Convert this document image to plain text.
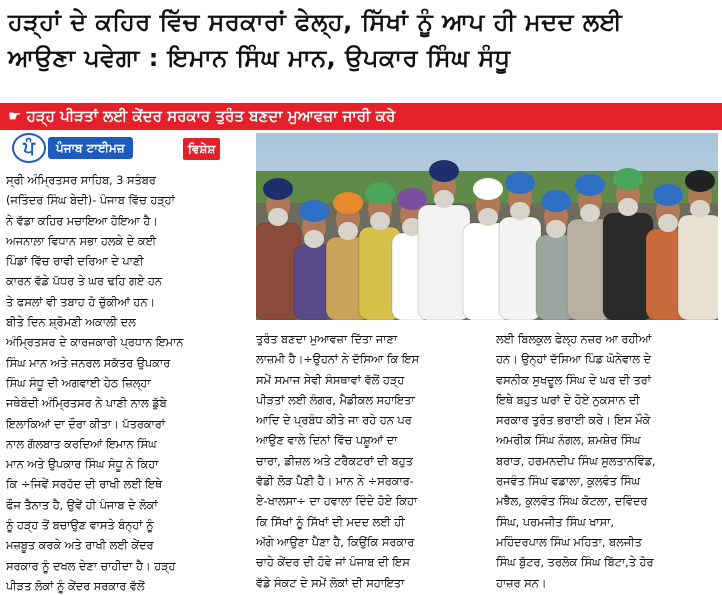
ਹੜ੍ਹਾਂ ਦੇ ਕਹਿਰ ਵਿੱਚ ਸਰਕਾਰਾਂ ਫੇਲ੍ਹ, ਸਿੱਖਾਂ ਨੂੰ ਆਪ ਹੀ ਮਦਦ ਲਈ
ਆਉਣਾ ਪਵੇਗਾ : ਇਮਾਨ ਸਿੰਘ ਮਾਨ, ਉਪਕਾਰ ਸਿੰਘ ਸੰਧੂ
☛ ਹੜ੍ਹ ਪੀੜਤਾਂ ਲਈ ਕੇਂਦਰ ਸਰਕਾਰ ਤੁਰੰਤ ਬਣਦਾ ਮੁਆਵਜ਼ਾ ਜਾਰੀ ਕਰੇ
ਪੰ	ਪੰਜਾਬ ਟਾਈਮਜ਼	ਵਿਸ਼ੇਸ਼
ਸ੍ਰੀ ਅੰਮ੍ਰਿਤਸਰ ਸਾਹਿਬ, 3 ਸਤੰਬਰ
(ਜਤਿੰਦਰ ਸਿੰਘ ਬੇਦੀ)- ਪੰਜਾਬ ਵਿੱਚ ਹੜ੍ਹਾਂ
ਨੇ ਵੱਡਾ ਕਹਿਰ ਮਚਾਇਆ ਹੋਇਆ ਹੈ।
ਅਜਨਾਲਾ ਵਿਧਾਨ ਸਭਾ ਹਲਕੇ ਦੇ ਕਈ
ਪਿੰਡਾਂ ਵਿੱਚ ਰਾਵੀ ਦਰਿਆ ਦੇ ਪਾਣੀ
ਕਾਰਨ ਵੱਡੇ ਪੱਧਰ ਤੇ ਘਰ ਢਹਿ ਗਏ ਹਨ
ਤੇ ਫਸਲਾਂ ਵੀ ਤਬਾਹ ਹੋ ਚੁੱਕੀਆਂ ਹਨ।
ਬੀਤੇ ਦਿਨ ਸ਼੍ਰੋਮਣੀ ਅਕਾਲੀ ਦਲ
ਅੰਮ੍ਰਿਤਸਰ ਦੇ ਕਾਰਜਕਾਰੀ ਪ੍ਰਧਾਨ ਇਮਾਨ
ਸਿੰਘ ਮਾਨ ਅਤੇ ਜਨਰਲ ਸਕੱਤਰ ਉਪਕਾਰ
ਸਿੰਘ ਸੰਧੂ ਦੀ ਅਗਵਾਈ ਹੇਠ ਜ਼ਿਲ੍ਹਾ
ਜਥੇਬੰਦੀ ਅੰਮ੍ਰਿਤਸਰ ਨੇ ਪਾਣੀ ਨਾਲ ਡੁੱਬੇ
ਇਲਾਕਿਆਂ ਦਾ ਦੌਰਾ ਕੀਤਾ। ਪੱਤਰਕਾਰਾਂ
ਨਾਲ ਗੱਲਬਾਤ ਕਰਦਿਆਂ ਇਮਾਨ ਸਿੰਘ
ਮਾਨ ਅਤੇ ਉਪਕਾਰ ਸਿੰਘ ਸੰਧੂ ਨੇ ਕਿਹਾ
ਕਿ ÷ਜਿਵੇਂ ਸਰਹੱਦ ਦੀ ਰਾਖੀ ਲਈ ਇਥੇ
ਫੌਜ ਤੈਨਾਤ ਹੈ, ਉਵੇਂ ਹੀ ਪੰਜਾਬ ਦੇ ਲੋਕਾਂ
ਨੂੰ ਹੜ੍ਹ ਤੋਂ ਬਚਾਉਣ ਵਾਸਤੇ ਬੰਨ੍ਹਾਂ ਨੂੰ
ਮਜ਼ਬੂਤ ਕਰਕੇ ਅਤੇ ਰਾਖੀ ਲਈ ਕੇਂਦਰ
ਸਰਕਾਰ ਨੂੰ ਦਖਲ ਦੇਣਾ ਚਾਹੀਦਾ ਹੈ। ਹੜ੍ਹ
ਪੀੜਤ ਲੋਕਾਂ ਨੂੰ ਕੇਂਦਰ ਸਰਕਾਰ ਵੱਲੋਂ
ਤੁਰੰਤ ਬਣਦਾ ਮੁਆਵਜ਼ਾ ਦਿੱਤਾ ਜਾਣਾ
ਲਾਜ਼ਮੀ ਹੈ।÷ਉਹਨਾਂ ਨੇ ਦੱਸਿਆ ਕਿ ਇਸ
ਸਮੇਂ ਸਮਾਜ ਸੇਵੀ ਸੰਸਥਾਵਾਂ ਵੱਲੋਂ ਹੜ੍ਹ
ਪੀੜਤਾਂ ਲਈ ਲੰਗਰ, ਮੈਡੀਕਲ ਸਹਾਇਤਾ
ਆਦਿ ਦੇ ਪ੍ਰਬੰਧ ਕੀਤੇ ਜਾ ਰਹੇ ਹਨ ਪਰ
ਆਉਣ ਵਾਲੇ ਦਿਨਾਂ ਵਿੱਚ ਪਸ਼ੂਆਂ ਦਾ
ਚਾਰਾ, ਡੀਜ਼ਲ ਅਤੇ ਟਰੈਕਟਰਾਂ ਦੀ ਬਹੁਤ
ਵੱਡੀ ਲੋੜ ਪੈਣੀ ਹੈ। ਮਾਨ ਨੇ ÷ਸਰਕਾਰ-
ਏ-ਖਾਲਸਾ÷ ਦਾ ਹਵਾਲਾ ਦਿੰਦੇ ਹੋਏ ਕਿਹਾ
ਕਿ ਸਿੱਖਾਂ ਨੂੰ ਸਿੱਖਾਂ ਦੀ ਮਦਦ ਲਈ ਹੀ
ਅੱਗੇ ਆਉਣਾ ਪੈਣਾ ਹੈ, ਕਿਉਂਕਿ ਸਰਕਾਰ
ਚਾਹੇ ਕੇਂਦਰ ਦੀ ਹੋਵੇ ਜਾਂ ਪੰਜਾਬ ਦੀ ਇਸ
ਵੱਡੇ ਸੰਕਟ ਦੇ ਸਮੇਂ ਲੋਕਾਂ ਦੀ ਸਹਾਇਤਾ
ਲਈ ਬਿਲਕੁਲ ਫੇਲ੍ਹ ਨਜ਼ਰ ਆ ਰਹੀਆਂ
ਹਨ। ਉਨ੍ਹਾਂ ਦੱਸਿਆ ਪਿੰਡ ਘੋਨੇਵਾਲ ਦੇ
ਵਸਨੀਕ ਸੁਖਦੂਲ ਸਿੰਘ ਦੇ ਘਰ ਦੀ ਤਰਾਂ
ਇਥੇ ਬਹੁਤ ਘਰਾਂ ਦੇ ਹੋਏ ਨੁਕਸਾਨ ਦੀ
ਸਰਕਾਰ ਤੁਰੰਤ ਭਰਾਈ ਕਰੇ। ਇਸ ਮੌਕੇ
ਅਮਰੀਕ ਸਿੰਘ ਨੰਗਲ, ਸ਼ਮਸ਼ੇਰ ਸਿੰਘ
ਬਰਾੜ, ਹਰਮਨਦੀਪ ਸਿੰਘ ਸੁਲਤਾਨਵਿੰਡ,
ਰਜਵੰਤ ਸਿੰਘ ਵਡਾਲਾ, ਕੁਲਵੰਤ ਸਿੰਘ
ਮਝੈਲ, ਕੁਲਵੰਤ ਸਿੰਘ ਕੋਟਲਾ, ਦਵਿੰਦਰ
ਸਿੰਘ, ਪਰਮਜੀਤ ਸਿੰਘ ਖਾਸਾ,
ਮਹਿੰਦਰਪਾਲ ਸਿੰਘ ਮਹਿਤਾ, ਬਲਜੀਤ
ਸਿੰਘ ਬੁੱਟਰ, ਤਰਲੋਕ ਸਿੰਘ ਬਿੱਟਾ,ਤੇ ਹੋਰ
ਹਾਜ਼ਰ ਸਨ।
